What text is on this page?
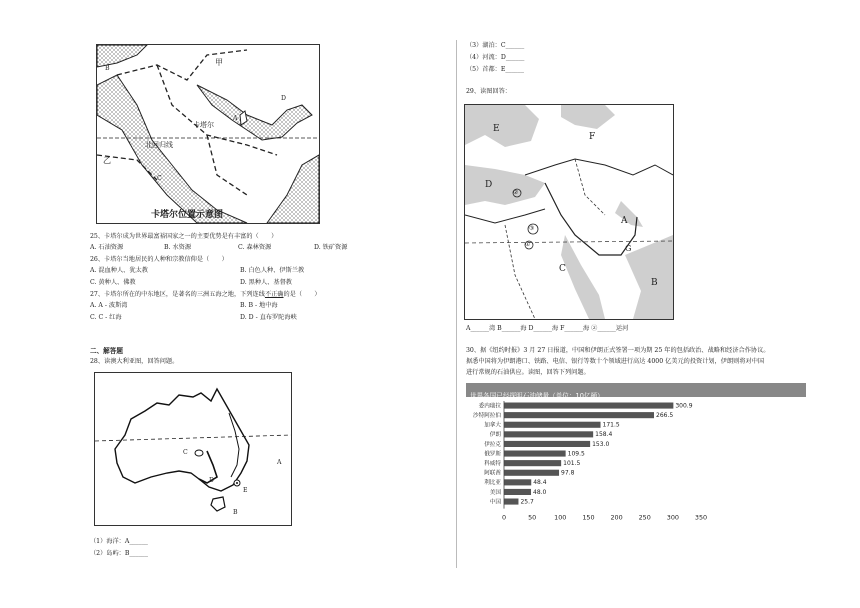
甲
B
D
A
卡塔尔
北回归线
乙
C
卡塔尔位置示意图
25、卡塔尔成为世界最富裕国家之一的主要优势是有丰富的（　　）
A. 石油资源	B. 水资源	C. 森林资源	D. 铁矿资源
26、卡塔尔当地居民的人种和宗教信仰是（　　）
A. 混血种人、犹太教	B. 白色人种、伊斯兰教
C. 黄种人、佛教	D. 黑种人、基督教
27、卡塔尔所在的中东地区，是著名的三洲五海之地，下列连线不正确的是（　　）
A. A - 波斯湾	B. B - 地中海
C. C - 红海	D. D - 直布罗陀海峡
二、解答题
28、读澳大利亚图，回答问题。
C
A
D
E
B
（1）海洋：A______
（2）岛屿：B______
（3）湖泊：C______
（4）河流：D______
（5）首都：E______
29、读图回答：
E
F
D
②
③
①
A
G
C
B
A______湾 B______海 D______海 F______海 ②______运河
30、据《纽约时报》3 月 27 日报道，中国和伊朗正式签署一项为期 25 年的包括政治、战略和经济合作协议。
据悉中国将为伊朗港口、铁路、电信、银行等数十个领域进行高达 4000 亿美元的投资计划，伊朗则将对中国
进行常规的石油供应。读图，回答下列问题。
世界各国已经探明石油储量（单位：10亿桶）
委内瑞拉	300.9
沙特阿拉伯	266.5
加拿大	171.5
伊朗	158.4
伊拉克	153.0
俄罗斯	109.5
科威特	101.5
阿联酋	97.8
利比亚	48.4
美国	48.0
中国	25.7
0	50	100 150 200 250 300 350
